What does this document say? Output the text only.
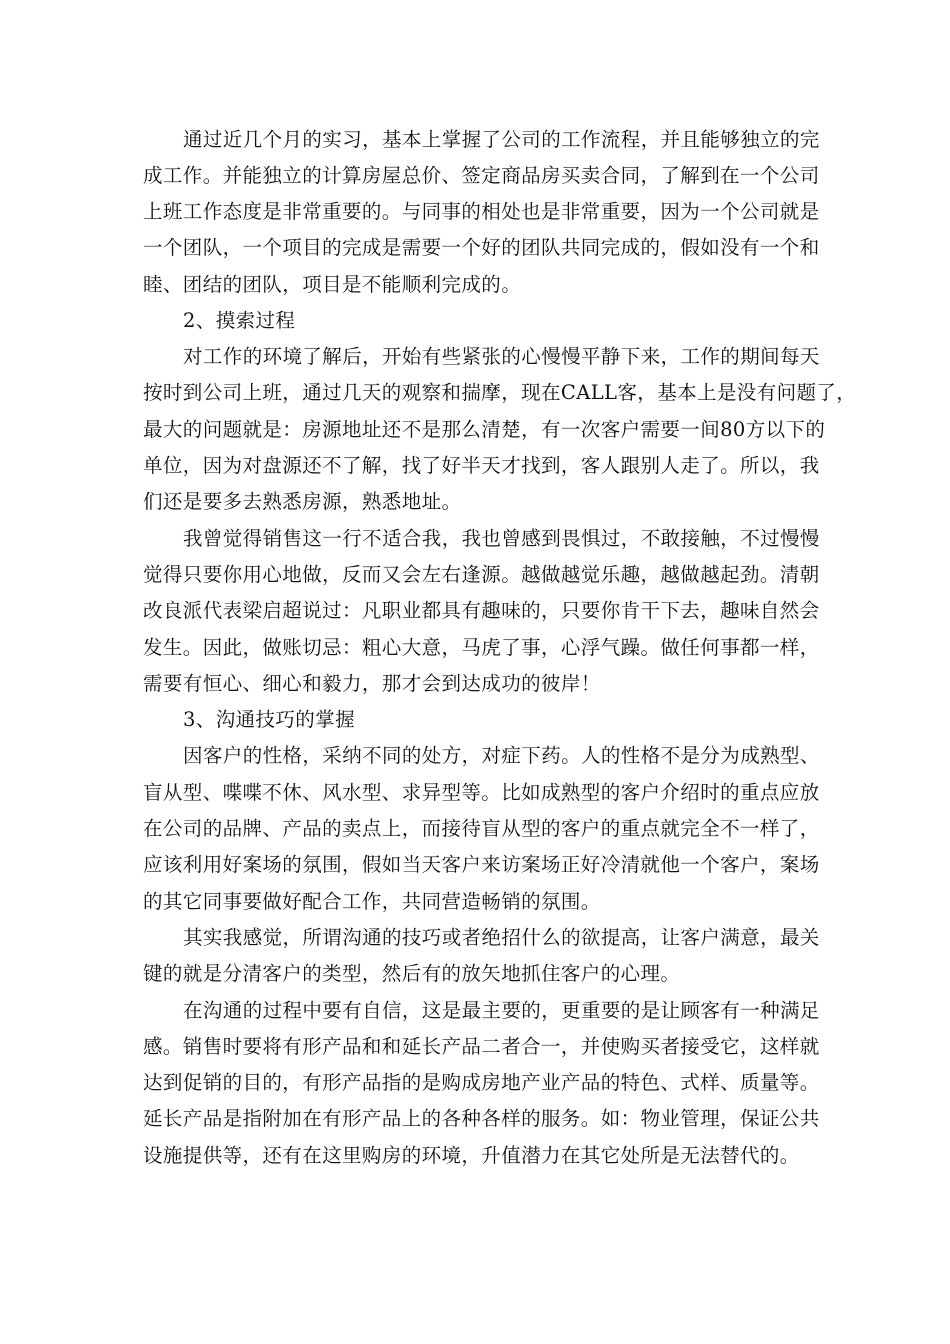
通过近几个月的实习，基本上掌握了公司的工作流程，并且能够独立的完
成工作。并能独立的计算房屋总价、签定商品房买卖合同，了解到在一个公司
上班工作态度是非常重要的。与同事的相处也是非常重要，因为一个公司就是
一个团队，一个项目的完成是需要一个好的团队共同完成的，假如没有一个和
睦、团结的团队，项目是不能顺利完成的。
2、摸索过程
对工作的环境了解后，开始有些紧张的心慢慢平静下来，工作的期间每天
按时到公司上班，通过几天的观察和揣摩，现在CALL客，基本上是没有问题了，
最大的问题就是：房源地址还不是那么清楚，有一次客户需要一间80方以下的
单位，因为对盘源还不了解，找了好半天才找到，客人跟别人走了。所以，我
们还是要多去熟悉房源，熟悉地址。
我曾觉得销售这一行不适合我，我也曾感到畏惧过，不敢接触，不过慢慢
觉得只要你用心地做，反而又会左右逢源。越做越觉乐趣，越做越起劲。清朝
改良派代表梁启超说过：凡职业都具有趣味的，只要你肯干下去，趣味自然会
发生。因此，做账切忌：粗心大意，马虎了事，心浮气躁。做任何事都一样，
需要有恒心、细心和毅力，那才会到达成功的彼岸！
3、沟通技巧的掌握
因客户的性格，采纳不同的处方，对症下药。人的性格不是分为成熟型、
盲从型、喋喋不休、风水型、求异型等。比如成熟型的客户介绍时的重点应放
在公司的品牌、产品的卖点上，而接待盲从型的客户的重点就完全不一样了，
应该利用好案场的氛围，假如当天客户来访案场正好冷清就他一个客户，案场
的其它同事要做好配合工作，共同营造畅销的氛围。
其实我感觉，所谓沟通的技巧或者绝招什么的欲提高，让客户满意，最关
键的就是分清客户的类型，然后有的放矢地抓住客户的心理。
在沟通的过程中要有自信，这是最主要的，更重要的是让顾客有一种满足
感。销售时要将有形产品和和延长产品二者合一，并使购买者接受它，这样就
达到促销的目的，有形产品指的是购成房地产业产品的特色、式样、质量等。
延长产品是指附加在有形产品上的各种各样的服务。如：物业管理，保证公共
设施提供等，还有在这里购房的环境，升值潜力在其它处所是无法替代的。
